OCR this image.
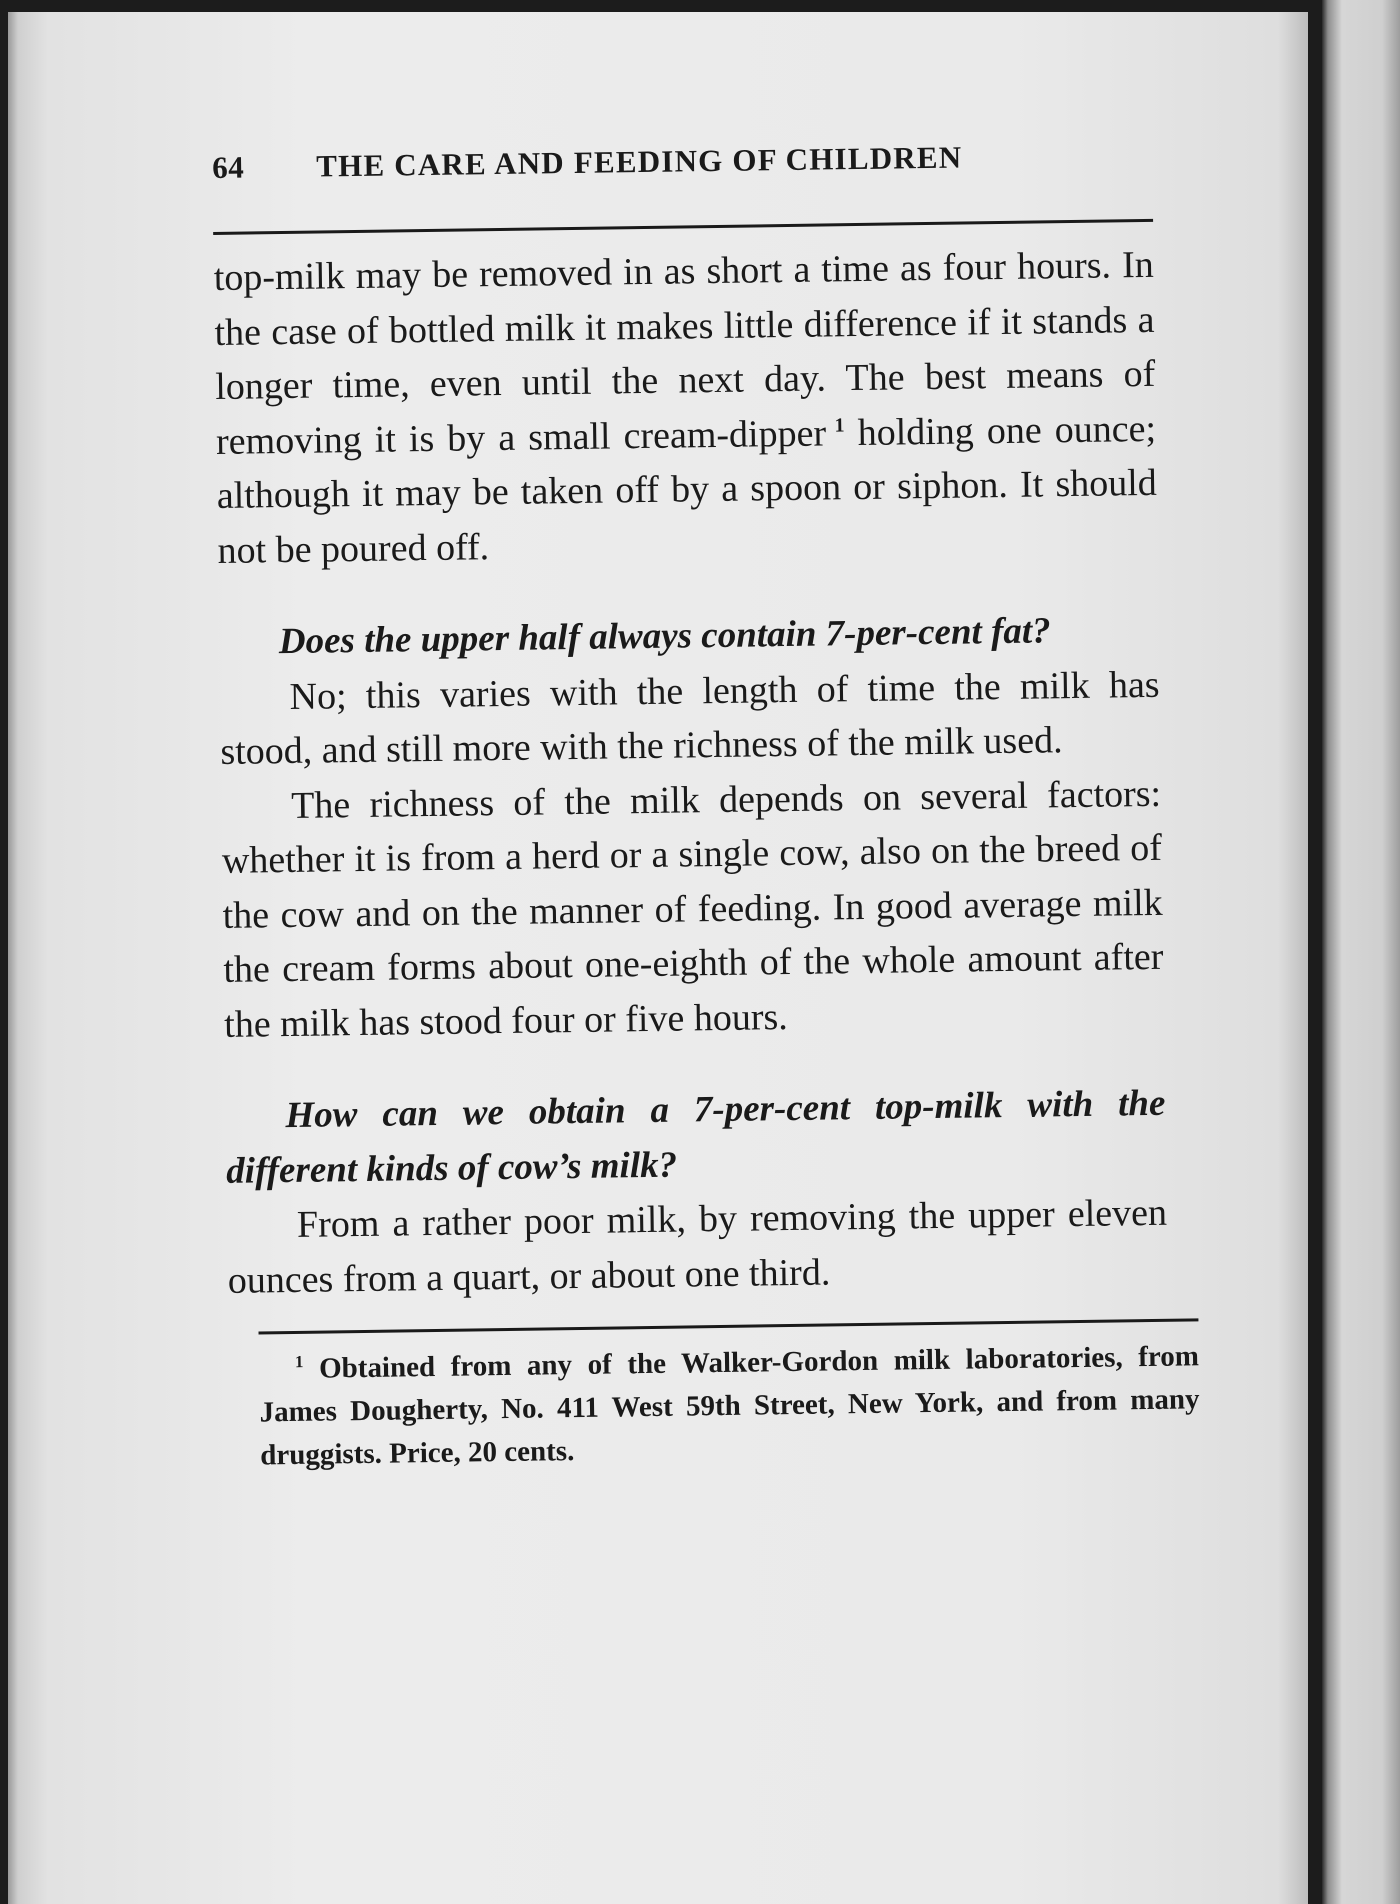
64	THE CARE AND FEEDING OF CHILDREN

top-milk may be removed in as short a time as four hours. In the case of bottled milk it makes little difference if it stands a longer time, even until the next day. The best means of removing it is by a small cream-dipper $^1$ holding one ounce; although it may be taken off by a spoon or siphon. It should not be poured off.

Does the upper half always contain 7-per-cent fat?

No; this varies with the length of time the milk has stood, and still more with the richness of the milk used.

The richness of the milk depends on several factors: whether it is from a herd or a single cow, also on the breed of the cow and on the manner of feeding. In good average milk the cream forms about one-eighth of the whole amount after the milk has stood four or five hours.

How can we obtain a 7-per-cent top-milk with the different kinds of cow’s milk?

From a rather poor milk, by removing the upper eleven ounces from a quart, or about one third.

$^1$ Obtained from any of the Walker-Gordon milk laboratories, from James Dougherty, No. 411 West 59th Street, New York, and from many druggists. Price, 20 cents.
